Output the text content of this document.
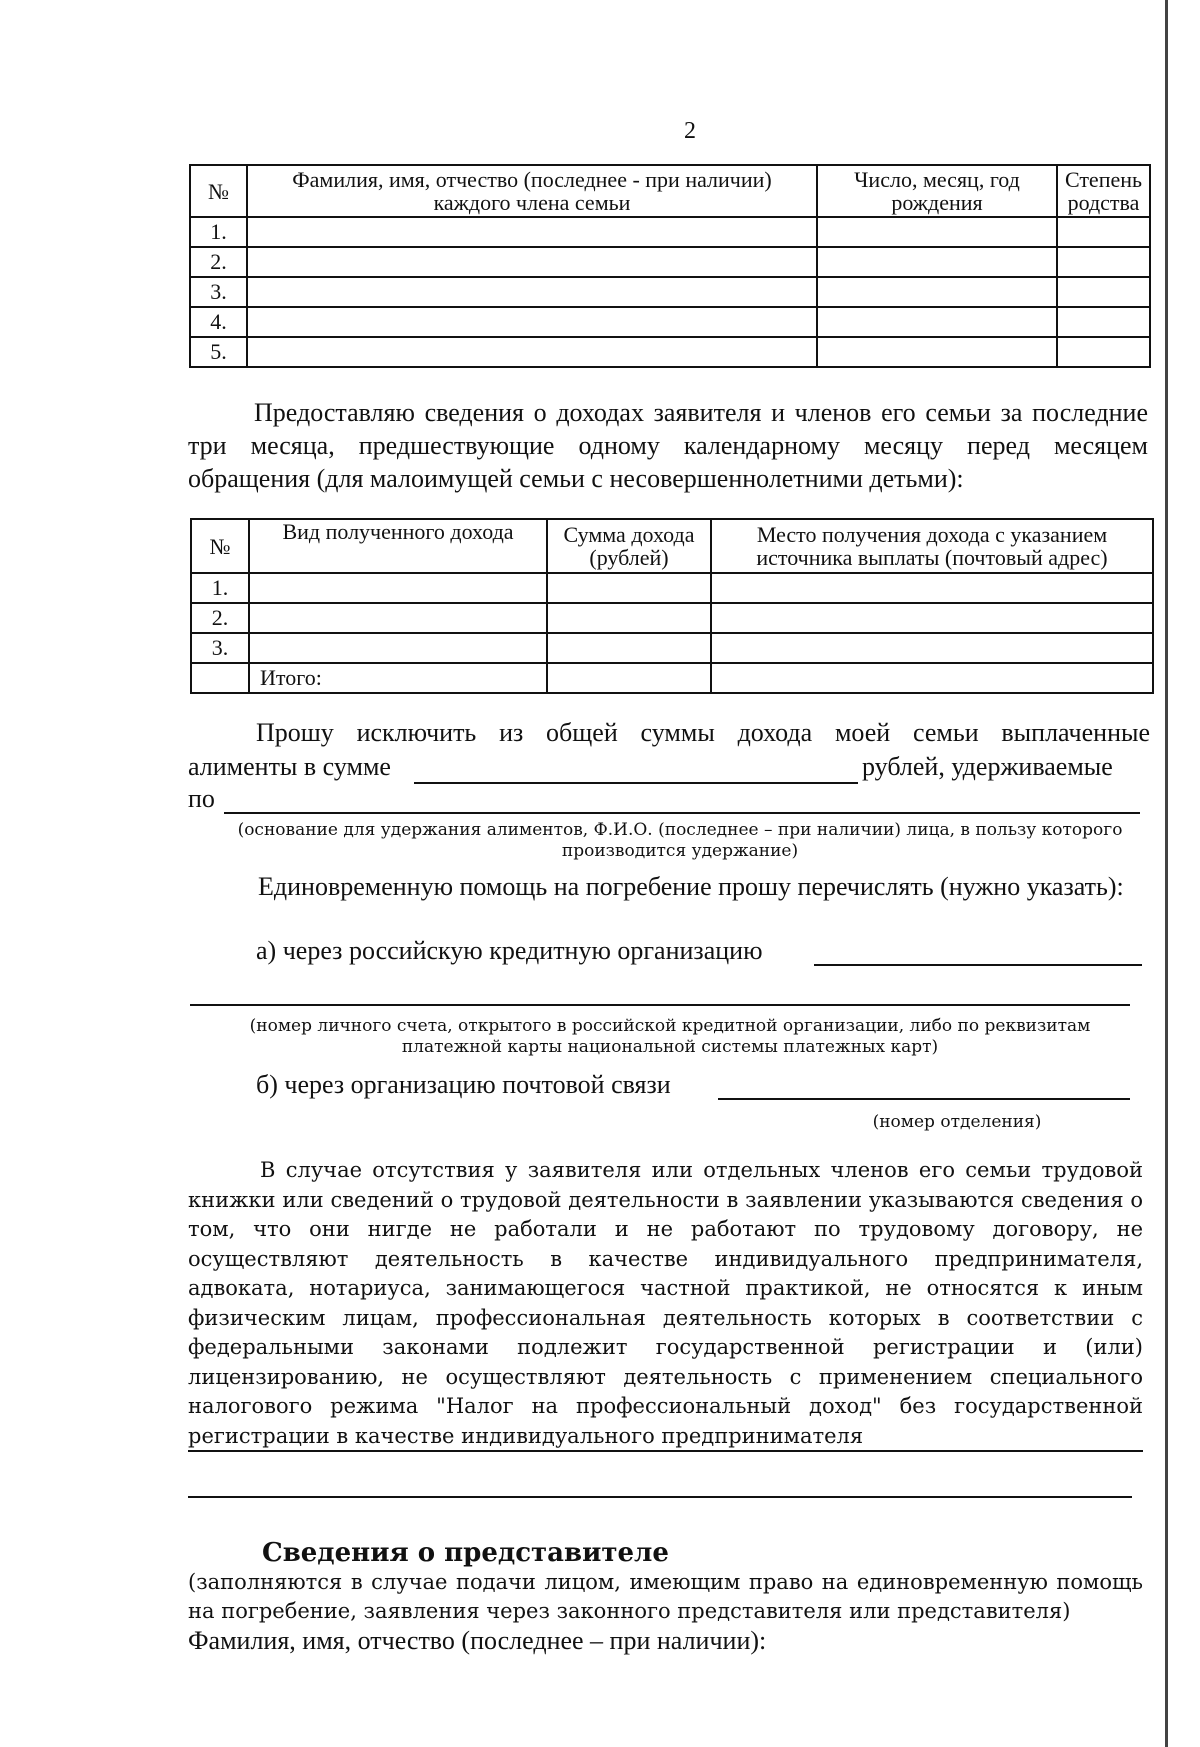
2
№	Фамилия, имя, отчество (последнее - при наличии) каждого члена семьи	Число, месяц, год рождения	Степень родства
1.			
2.			
3.			
4.			
5.			
Предоставляю сведения о доходах заявителя и членов его семьи за последние три месяца, предшествующие одному календарному месяцу перед месяцем обращения (для малоимущей семьи с несовершеннолетними детьми):
№	Вид полученного дохода	Сумма дохода (рублей)	Место получения дохода с указанием источника выплаты (почтовый адрес)
1.			
2.			
3.			
	Итого:		
Прошу исключить из общей суммы дохода моей семьи выплаченные
алименты в сумме	рублей, удерживаемые
по
(основание для удержания алиментов, Ф.И.О. (последнее – при наличии) лица, в пользу которого производится удержание)
Единовременную помощь на погребение прошу перечислять (нужно указать):
а) через российскую кредитную организацию
(номер личного счета, открытого в российской кредитной организации, либо по реквизитам платежной карты национальной системы платежных карт)
б) через организацию почтовой связи
(номер отделения)
В случае отсутствия у заявителя или отдельных членов его семьи трудовой книжки или сведений о трудовой деятельности в заявлении указываются сведения о том, что они нигде не работали и не работают по трудовому договору, не осуществляют деятельность в качестве индивидуального предпринимателя, адвоката, нотариуса, занимающегося частной практикой, не относятся к иным физическим лицам, профессиональная деятельность которых в соответствии с федеральными законами подлежит государственной регистрации и (или) лицензированию, не осуществляют деятельность с применением специального налогового режима "Налог на профессиональный доход" без государственной регистрации в качестве индивидуального предпринимателя
Сведения о представителе
(заполняются в случае подачи лицом, имеющим право на единовременную помощь на погребение, заявления через законного представителя или представителя)
Фамилия, имя, отчество (последнее – при наличии):
